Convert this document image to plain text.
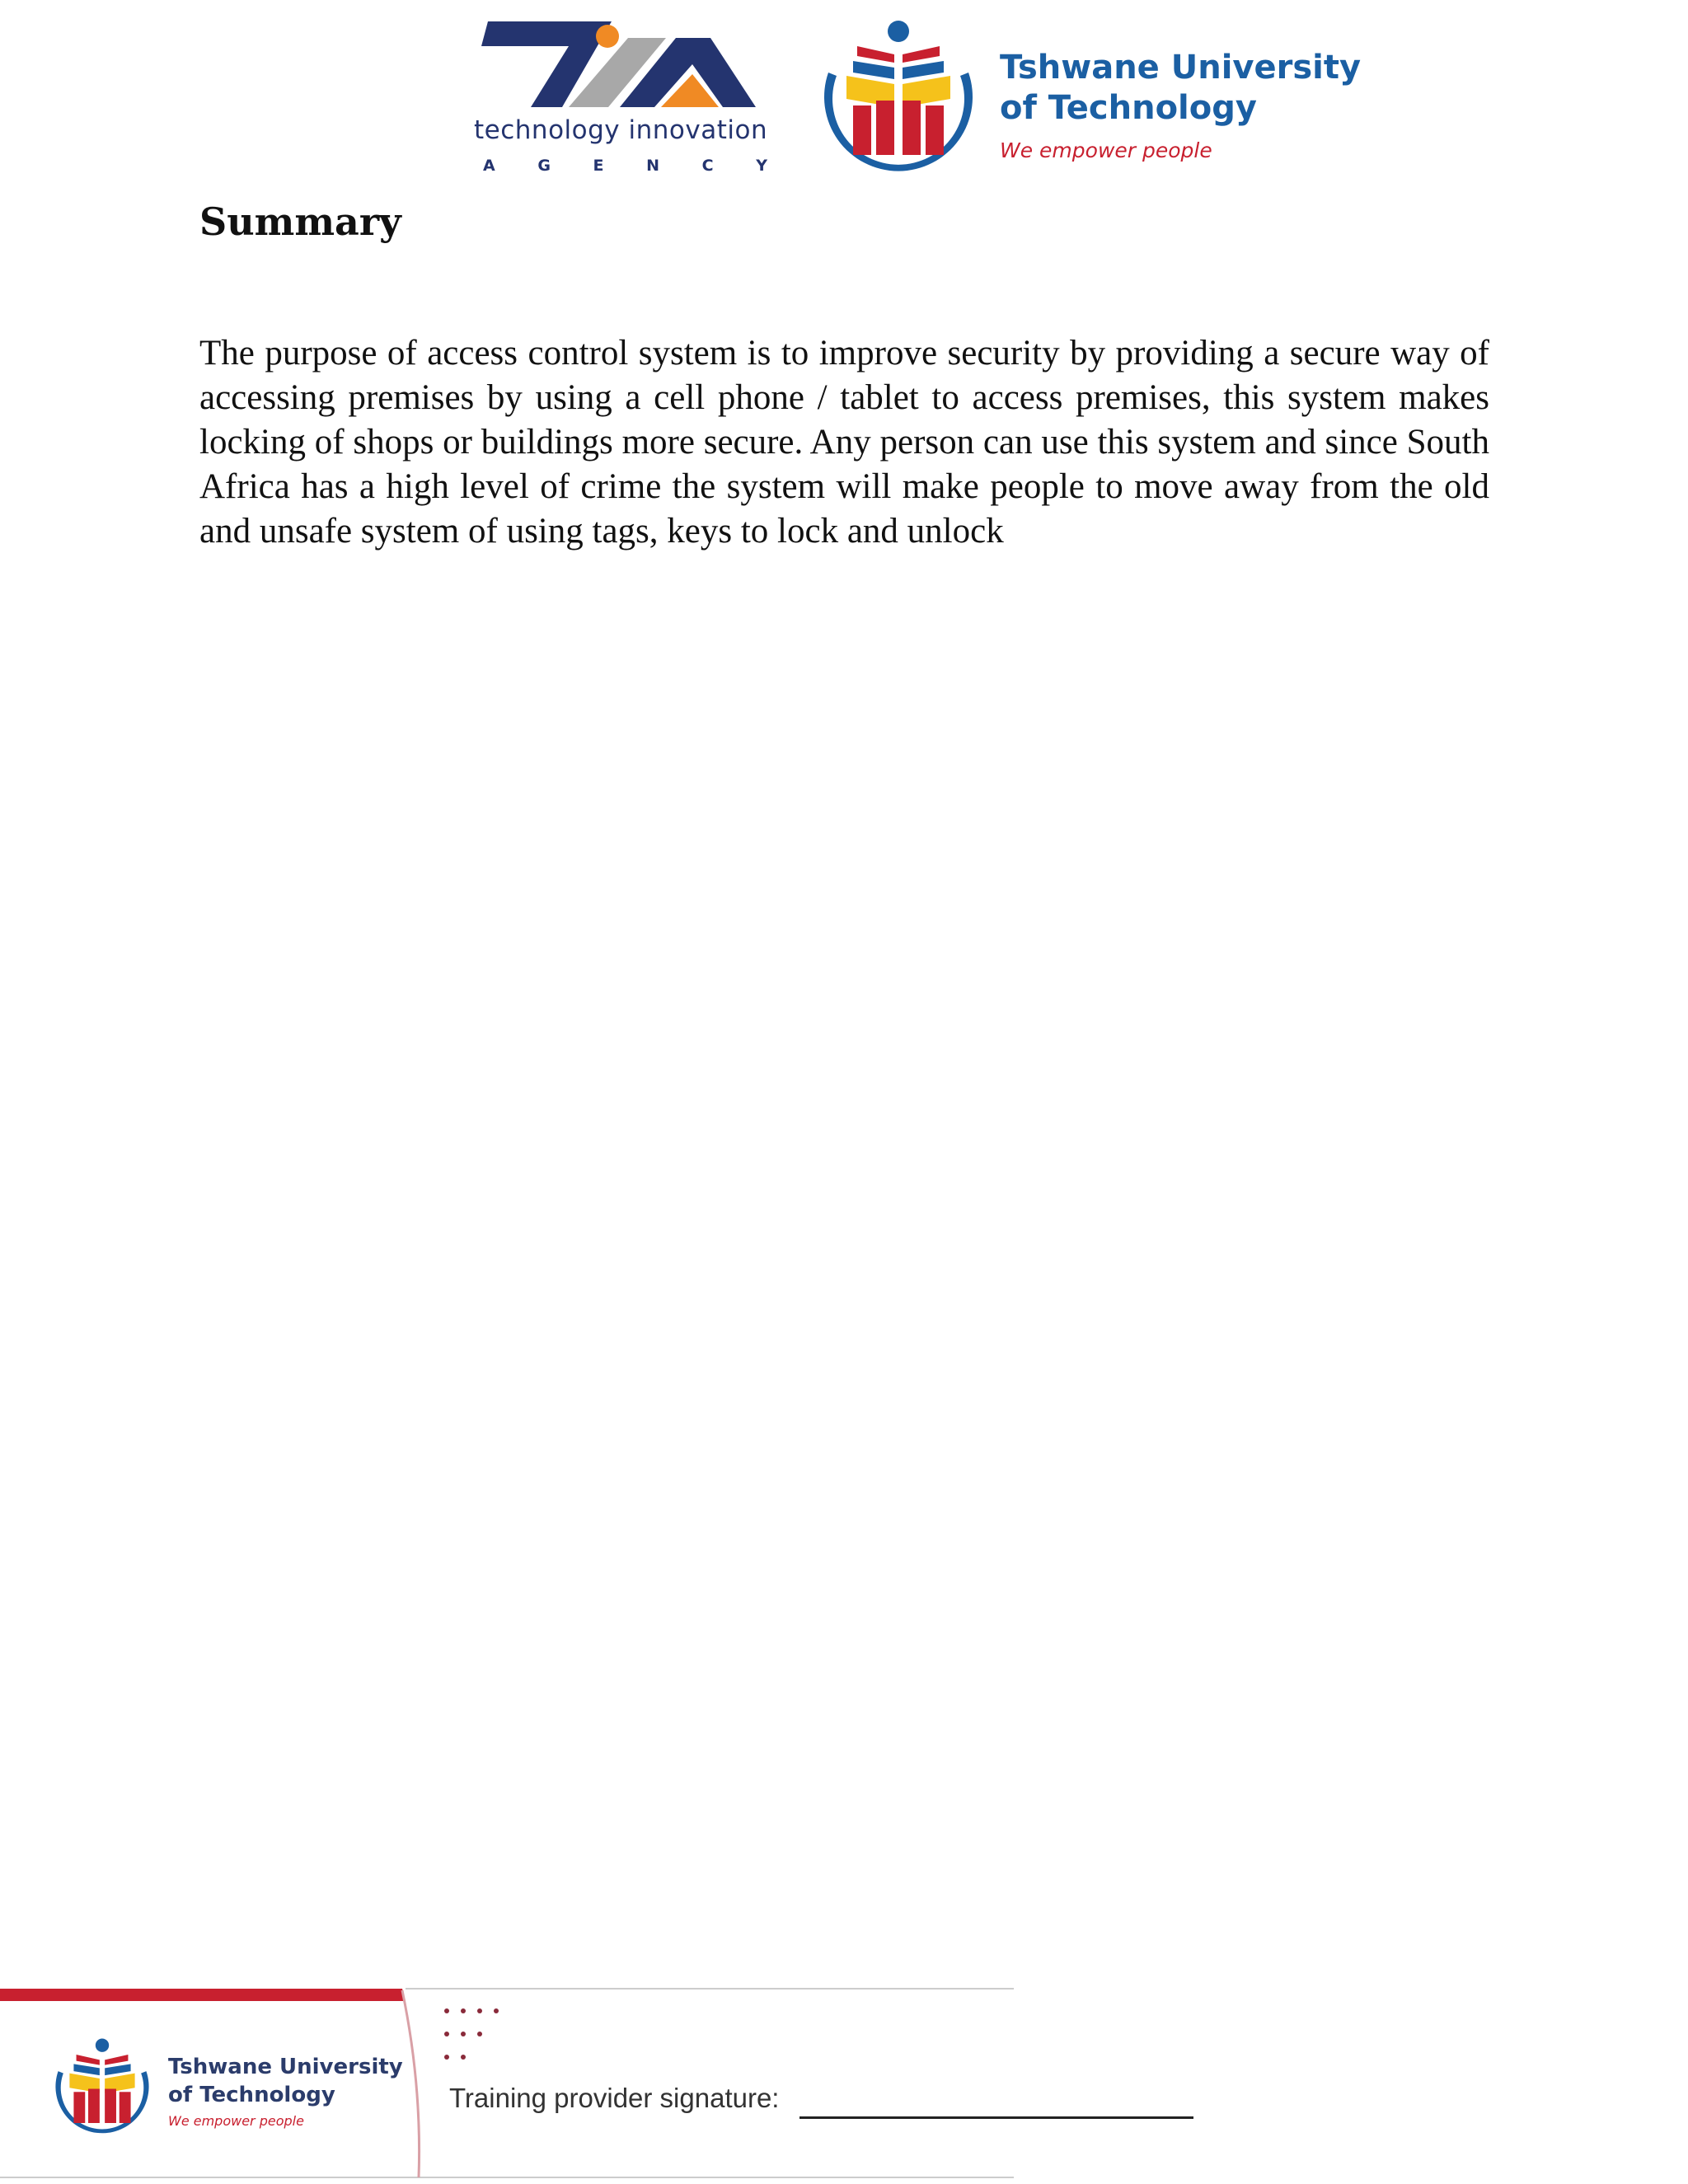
technology innovation
A	G	E	N	C	Y
Tshwane University
of Technology
We empower people
Summary

The purpose of access control system is to improve security by providing a secure way of accessing premises by using a cell phone / tablet to access premises, this system makes locking of shops or buildings more secure. Any person can use this system and since South Africa has a high level of crime the system will make people to move away from the old and unsafe system of using tags, keys to lock and unlock

Tshwane University
of Technology
We empower people
Training provider signature:
